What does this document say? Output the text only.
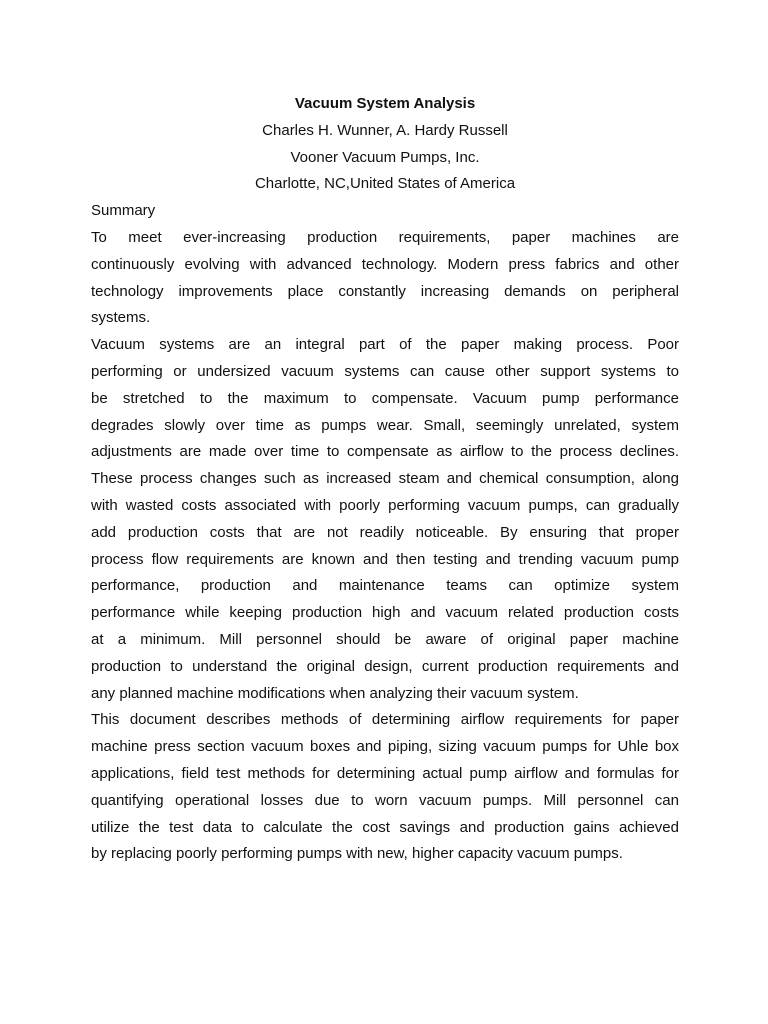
Vacuum System Analysis
Charles H. Wunner, A. Hardy Russell
Vooner Vacuum Pumps, Inc.
Charlotte, NC,United States of America
Summary
To meet ever-increasing production requirements, paper machines are
continuously evolving with advanced technology. Modern press fabrics and other
technology improvements place constantly increasing demands on peripheral
systems.
Vacuum systems are an integral part of the paper making process. Poor
performing or undersized vacuum systems can cause other support systems to
be stretched to the maximum to compensate. Vacuum pump performance
degrades slowly over time as pumps wear. Small, seemingly unrelated, system
adjustments are made over time to compensate as airflow to the process declines.
These process changes such as increased steam and chemical consumption, along
with wasted costs associated with poorly performing vacuum pumps, can gradually
add production costs that are not readily noticeable. By ensuring that proper
process flow requirements are known and then testing and trending vacuum pump
performance, production and maintenance teams can optimize system
performance while keeping production high and vacuum related production costs
at a minimum. Mill personnel should be aware of original paper machine
production to understand the original design, current production requirements and
any planned machine modifications when analyzing their vacuum system.
This document describes methods of determining airflow requirements for paper
machine press section vacuum boxes and piping, sizing vacuum pumps for Uhle box
applications, field test methods for determining actual pump airflow and formulas for
quantifying operational losses due to worn vacuum pumps. Mill personnel can
utilize the test data to calculate the cost savings and production gains achieved
by replacing poorly performing pumps with new, higher capacity vacuum pumps.
